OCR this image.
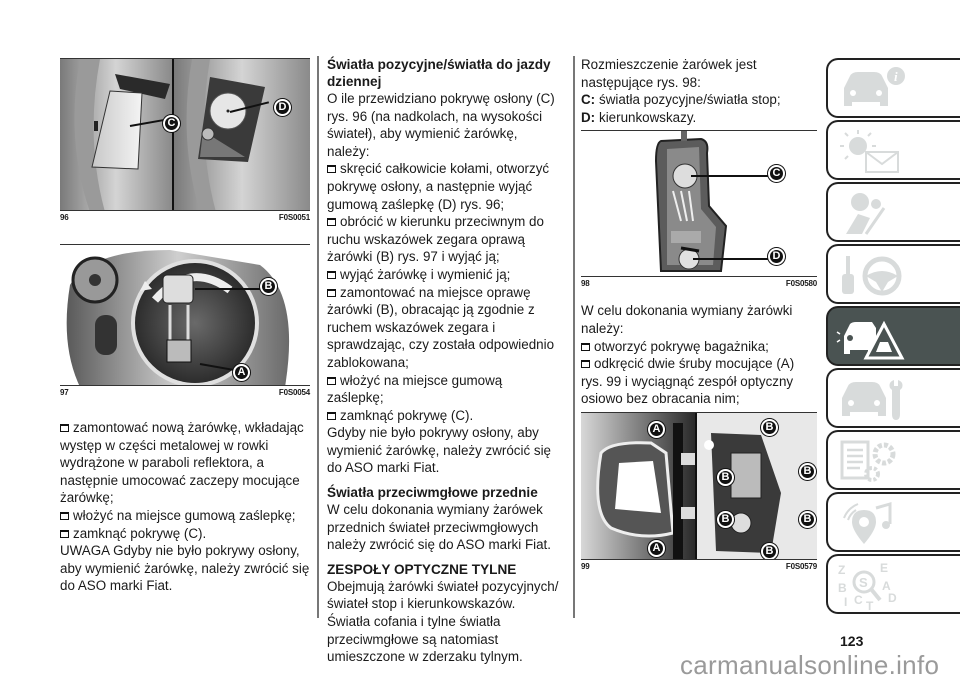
C
D
96	F0S0051
B
A
97	F0S0054
zamontować nową żarówkę, wkładając występ w części metalowej w rowki wydrążone w paraboli reflektora, a następnie umocować zaczepy mocujące żarówkę;
włożyć na miejsce gumową zaślepkę;
zamknąć pokrywę (C).
UWAGA Gdyby nie było pokrywy osłony, aby wymienić żarówkę, należy zwrócić się do ASO marki Fiat.
Światła pozycyjne/światła do jazdy dziennej
O ile przewidziano pokrywę osłony (C) rys. 96 (na nadkolach, na wysokości świateł), aby wymienić żarówkę, należy:
skręcić całkowicie kołami, otworzyć pokrywę osłony, a następnie wyjąć gumową zaślepkę (D) rys. 96;
obrócić w kierunku przeciwnym do ruchu wskazówek zegara oprawą żarówki (B) rys. 97 i wyjąć ją;
wyjąć żarówkę i wymienić ją;
zamontować na miejsce oprawę żarówki (B), obracając ją zgodnie z ruchem wskazówek zegara i sprawdzając, czy została odpowiednio zablokowana;
włożyć na miejsce gumową zaślepkę;
zamknąć pokrywę (C).
Gdyby nie było pokrywy osłony, aby wymienić żarówkę, należy zwrócić się do ASO marki Fiat.
Światła przeciwmgłowe przednie
W celu dokonania wymiany żarówek przednich świateł przeciwmgłowych należy zwrócić się do ASO marki Fiat.
ZESPOŁY OPTYCZNE TYLNE
Obejmują żarówki świateł pozycyjnych/świateł stop i kierunkowskazów. Światła cofania i tylne światła przeciwmgłowe są natomiast umieszczone w zderzaku tylnym.
Rozmieszczenie żarówek jest następujące rys. 98:
C: światła pozycyjne/światła stop;
D: kierunkowskazy.
C
D
98	F0S0580
W celu dokonania wymiany żarówki należy:
otworzyć pokrywę bagażnika;
odkręcić dwie śruby mocujące (A) rys. 99 i wyciągnąć zespół optyczny osiowo bez obracania nim;
A
A
B
B	B
B	B
B
99	F0S0579
i
Z
B
I C T
E
A
D
S
123
carmanualsonline.info
